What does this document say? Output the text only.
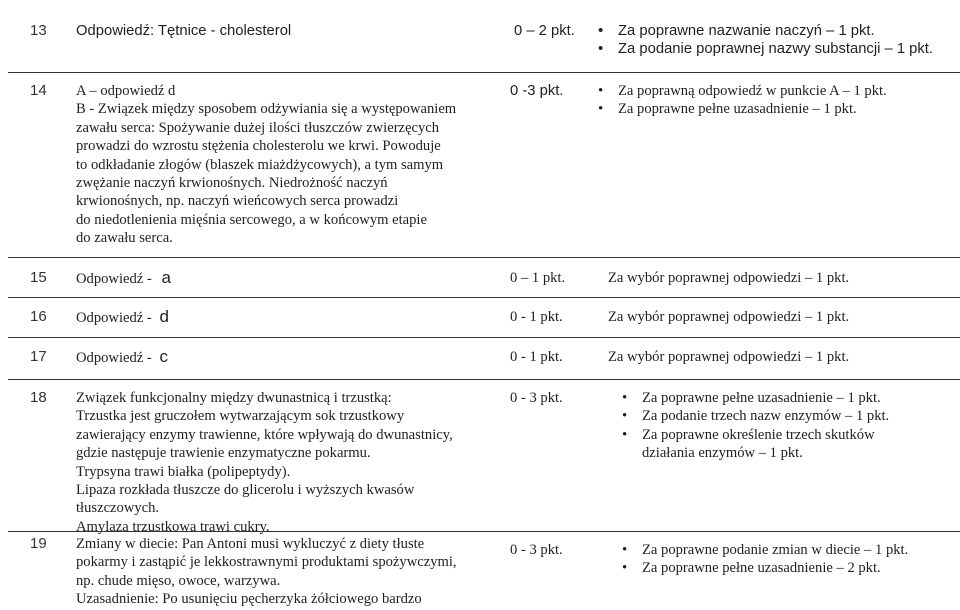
13 Odpowiedź: Tętnice - cholesterol	0 – 2 pkt.	• Za poprawne nazwanie naczyń – 1 pkt.
• Za podanie poprawnej nazwy substancji – 1 pkt.
14 A – odpowiedź d
B - Związek między sposobem odżywiania się a występowaniem
zawału serca: Spożywanie dużej ilości tłuszczów zwierzęcych
prowadzi do wzrostu stężenia cholesterolu we krwi. Powoduje
to odkładanie złogów (blaszek miażdżycowych), a tym samym
zwężanie naczyń krwionośnych. Niedrożność naczyń
krwionośnych, np. naczyń wieńcowych serca prowadzi
do niedotlenienia mięśnia sercowego, a w końcowym etapie
do zawału serca.
0 -3 pkt.	• Za poprawną odpowiedź w punkcie A – 1 pkt.
• Za poprawne pełne uzasadnienie – 1 pkt.
15 Odpowiedź - a	0 – 1 pkt.	Za wybór poprawnej odpowiedzi – 1 pkt.
16 Odpowiedź - d	0 - 1 pkt.	Za wybór poprawnej odpowiedzi – 1 pkt.
17 Odpowiedź - c	0 - 1 pkt.	Za wybór poprawnej odpowiedzi – 1 pkt.
18 Związek funkcjonalny między dwunastnicą i trzustką:
Trzustka jest gruczołem wytwarzającym sok trzustkowy
zawierający enzymy trawienne, które wpływają do dwunastnicy,
gdzie następuje trawienie enzymatyczne pokarmu.
Trypsyna trawi białka (polipeptydy).
Lipaza rozkłada tłuszcze do glicerolu i wyższych kwasów
tłuszczowych.
Amylaza trzustkowa trawi cukry.
0 - 3 pkt.	• Za poprawne pełne uzasadnienie – 1 pkt.
• Za podanie trzech nazw enzymów – 1 pkt.
• Za poprawne określenie trzech skutków
działania enzymów – 1 pkt.
19 Zmiany w diecie: Pan Antoni musi wykluczyć z diety tłuste
pokarmy i zastąpić je lekkostrawnymi produktami spożywczymi,
np. chude mięso, owoce, warzywa.
Uzasadnienie: Po usunięciu pęcherzyka żółciowego bardzo
0 - 3 pkt.	• Za poprawne podanie zmian w diecie – 1 pkt.
• Za poprawne pełne uzasadnienie – 2 pkt.
